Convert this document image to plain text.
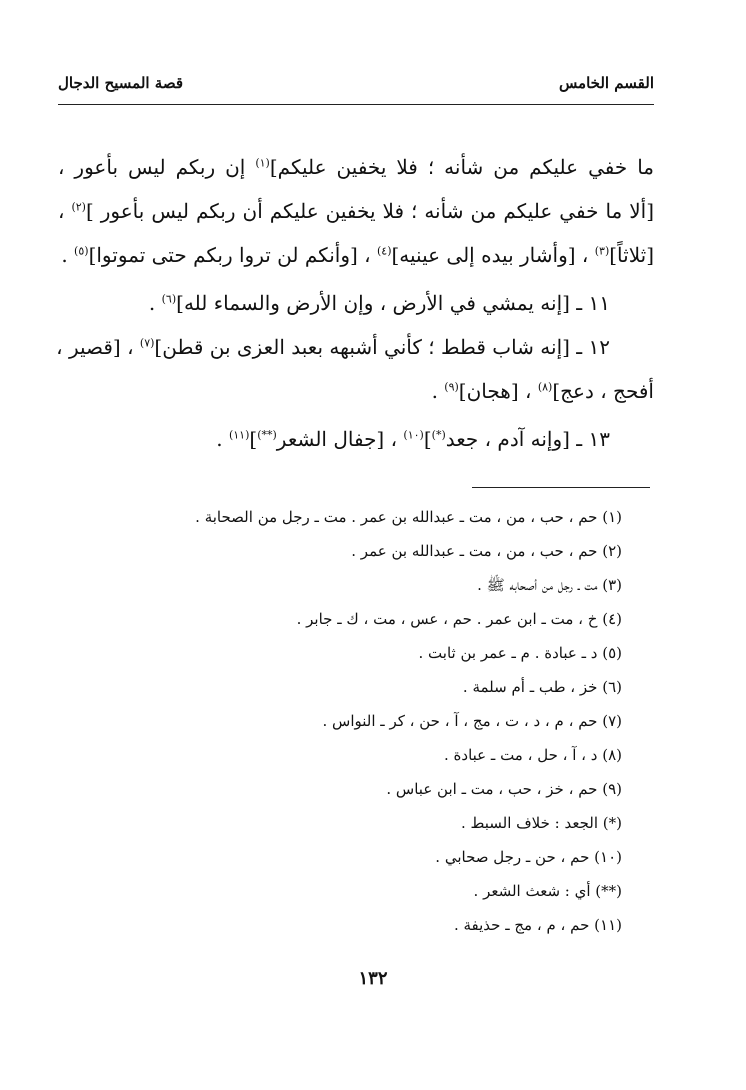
القسم الخامس
قصة المسيح الدجال
ما خفي عليكم من شأنه ؛ فلا يخفين عليكم]$^{(١)}$ إن ربكم ليس بأعور ،
[ألا ما خفي عليكم من شأنه ؛ فلا يخفين عليكم أن ربكم ليس بأعور ]$^{(٢)}$ ،
[ثلاثاً]$^{(٣)}$ ، [وأشار بيده إلى عينيه]$^{(٤)}$ ، [وأنكم لن تروا ربكم حتى تموتوا]$^{(٥)}$ .
١١ ـ [إنه يمشي في الأرض ، وإن الأرض والسماء لله]$^{(٦)}$ .
١٢ ـ [إنه شاب قطط ؛ كأني أشبهه بعبد العزى بن قطن]$^{(٧)}$ ، [قصير ،
أفحج ، دعج]$^{(٨)}$ ، [هجان]$^{(٩)}$ .
١٣ ـ [وإنه آدم ، جعد(*)]$^{(١٠)}$ ، [جفال الشعر(**)]$^{(١١)}$ .
(١) حم ، حب ، من ، مت ـ عبدالله بن عمر . مت ـ رجل من الصحابة .
(٢) حم ، حب ، من ، مت ـ عبدالله بن عمر .
(٣) مت ـ رجل من أصحابه ﷺ .
(٤) خ ، مت ـ ابن عمر . حم ، عس ، مت ، ك ـ جابر .
(٥) د ـ عبادة . م ـ عمر بن ثابت .
(٦) خز ، طب ـ أم سلمة .
(٧) حم ، م ، د ، ت ، مج ، آ ، حن ، كر ـ النواس .
(٨) د ، آ ، حل ، مت ـ عبادة .
(٩) حم ، خز ، حب ، مت ـ ابن عباس .
(*) الجعد : خلاف السبط .
(١٠) حم ، حن ـ رجل صحابي .
(**) أي : شعث الشعر .
(١١) حم ، م ، مج ـ حذيفة .
١٣٢
